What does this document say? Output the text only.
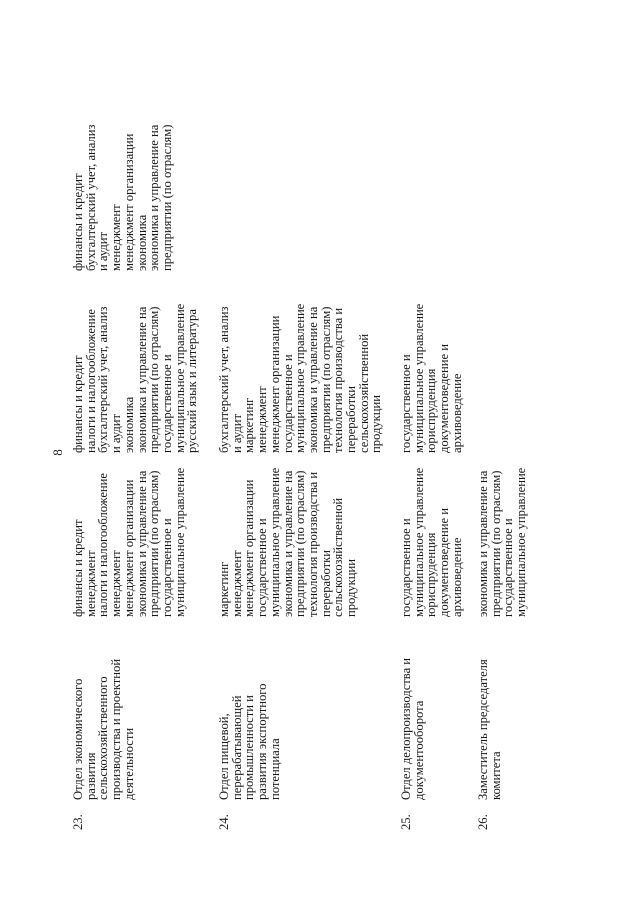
8
23.
Отдел экономического
развития
сельскохозяйственного
производства и проектной
деятельности
финансы и кредит
менеджмент
налоги и налогообложение
менеджмент
менеджмент организации
экономика и управление на
предприятии (по отраслям)
государственное и
муниципальное управление
финансы и кредит
налоги и налогообложение
бухгалтерский учет, анализ
и аудит
экономика
экономика и управление на
предприятии (по отраслям)
государственное и
муниципальное управление
русский язык и литература
финансы и кредит
бухгалтерский учет, анализ
и аудит
менеджмент
менеджмент организации
экономика
экономика и управление на
предприятии (по отраслям)
24.
Отдел пищевой,
перерабатывающей
промышленности и
развития экспортного
потенциала
маркетинг
менеджмент
менеджмент организации
государственное и
муниципальное управление
экономика и управление на
предприятии (по отраслям)
технология производства и
переработки
сельскохозяйственной
продукции
бухгалтерский учет, анализ
и аудит
маркетинг
менеджмент
менеджмент организации
государственное и
муниципальное управление
экономика и управление на
предприятии (по отраслям)
технология производства и
переработки
сельскохозяйственной
продукции
25.
Отдел делопроизводства и
документооборота
государственное и
муниципальное управление
юриспруденция
документоведение и
архивоведение
государственное и
муниципальное управление
юриспруденция
документоведение и
архивоведение
26.
Заместитель председателя
комитета
экономика и управление на
предприятии (по отраслям)
государственное и
муниципальное управление
